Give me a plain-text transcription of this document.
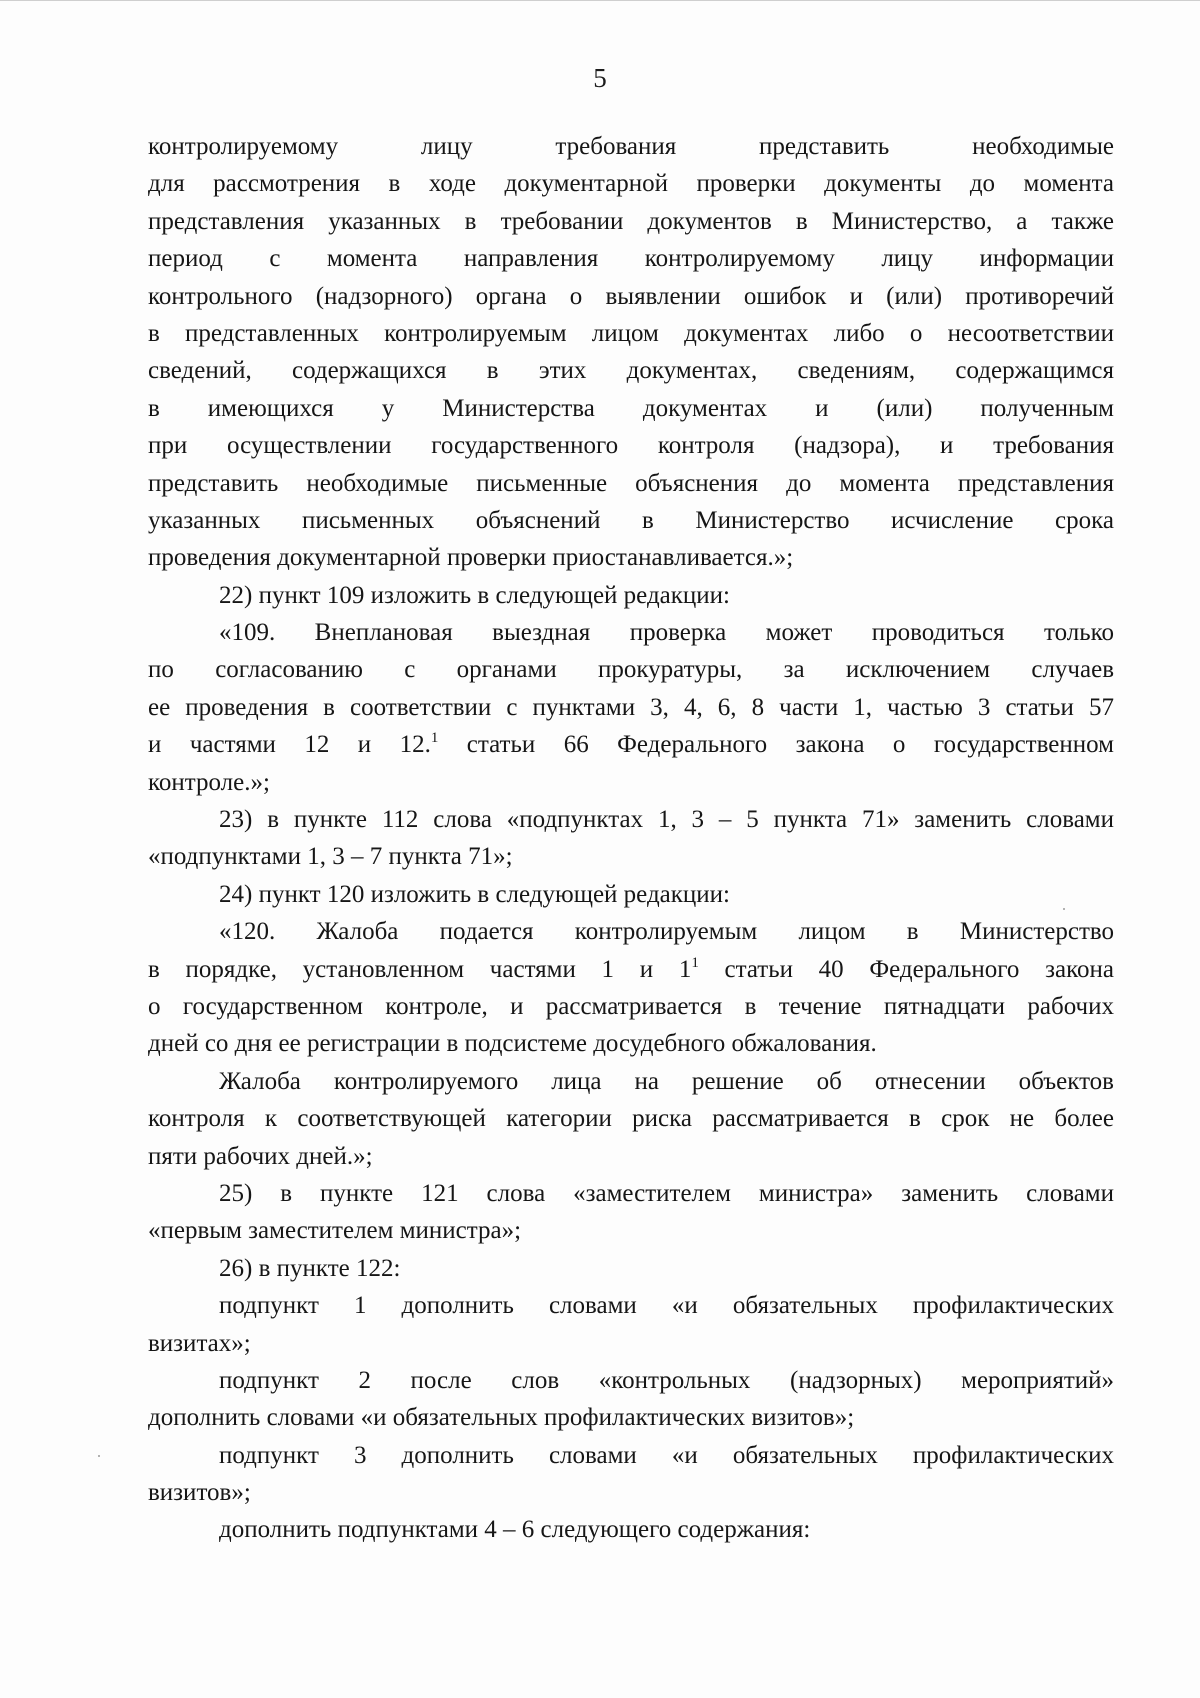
5
контролируемому лицу требования представить необходимые
для рассмотрения в ходе документарной проверки документы до момента
представления указанных в требовании документов в Министерство, а также
период с момента направления контролируемому лицу информации
контрольного (надзорного) органа о выявлении ошибок и (или) противоречий
в представленных контролируемым лицом документах либо о несоответствии
сведений, содержащихся в этих документах, сведениям, содержащимся
в имеющихся у Министерства документах и (или) полученным
при осуществлении государственного контроля (надзора), и требования
представить необходимые письменные объяснения до момента представления
указанных письменных объяснений в Министерство исчисление срока
проведения документарной проверки приостанавливается.»;
22) пункт 109 изложить в следующей редакции:
«109. Внеплановая выездная проверка может проводиться только
по согласованию с органами прокуратуры, за исключением случаев
ее проведения в соответствии с пунктами 3, 4, 6, 8 части 1, частью 3 статьи 57
и частями 12 и 12.$^1$ статьи 66 Федерального закона о государственном
контроле.»;
23) в пункте 112 слова «подпунктах 1, 3 – 5 пункта 71» заменить словами
«подпунктами 1, 3 – 7 пункта 71»;
24) пункт 120 изложить в следующей редакции:
«120. Жалоба подается контролируемым лицом в Министерство
в порядке, установленном частями 1 и $1^1$ статьи 40 Федерального закона
о государственном контроле, и рассматривается в течение пятнадцати рабочих
дней со дня ее регистрации в подсистеме досудебного обжалования.
Жалоба контролируемого лица на решение об отнесении объектов
контроля к соответствующей категории риска рассматривается в срок не более
пяти рабочих дней.»;
25) в пункте 121 слова «заместителем министра» заменить словами
«первым заместителем министра»;
26) в пункте 122:
подпункт 1 дополнить словами «и обязательных профилактических
визитах»;
подпункт 2 после слов «контрольных (надзорных) мероприятий»
дополнить словами «и обязательных профилактических визитов»;
подпункт 3 дополнить словами «и обязательных профилактических
визитов»;
дополнить подпунктами 4 – 6 следующего содержания:
